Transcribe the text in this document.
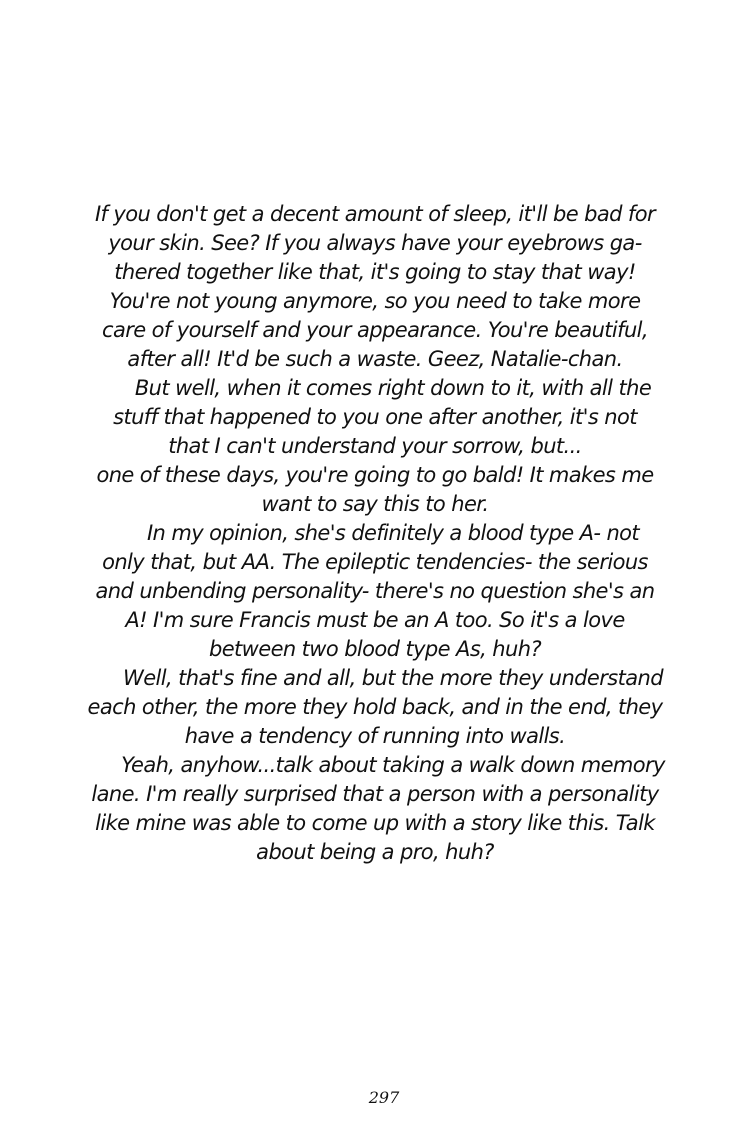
If you don't get a decent amount of sleep, it'll be bad for
your skin. See? If you always have your eyebrows ga-
thered together like that, it's going to stay that way!
You're not young anymore, so you need to take more
care of yourself and your appearance. You're beautiful,
after all! It'd be such a waste. Geez, Natalie-chan.
But well, when it comes right down to it, with all the
stuff that happened to you one after another, it's not
that I can't understand your sorrow, but...
one of these days, you're going to go bald! It makes me
want to say this to her.
In my opinion, she's definitely a blood type A- not
only that, but AA. The epileptic tendencies- the serious
and unbending personality- there's no question she's an
A! I'm sure Francis must be an A too. So it's a love
between two blood type As, huh?
Well, that's fine and all, but the more they understand
each other, the more they hold back, and in the end, they
have a tendency of running into walls.
Yeah, anyhow...talk about taking a walk down memory
lane. I'm really surprised that a person with a personality
like mine was able to come up with a story like this. Talk
about being a pro, huh?
297
